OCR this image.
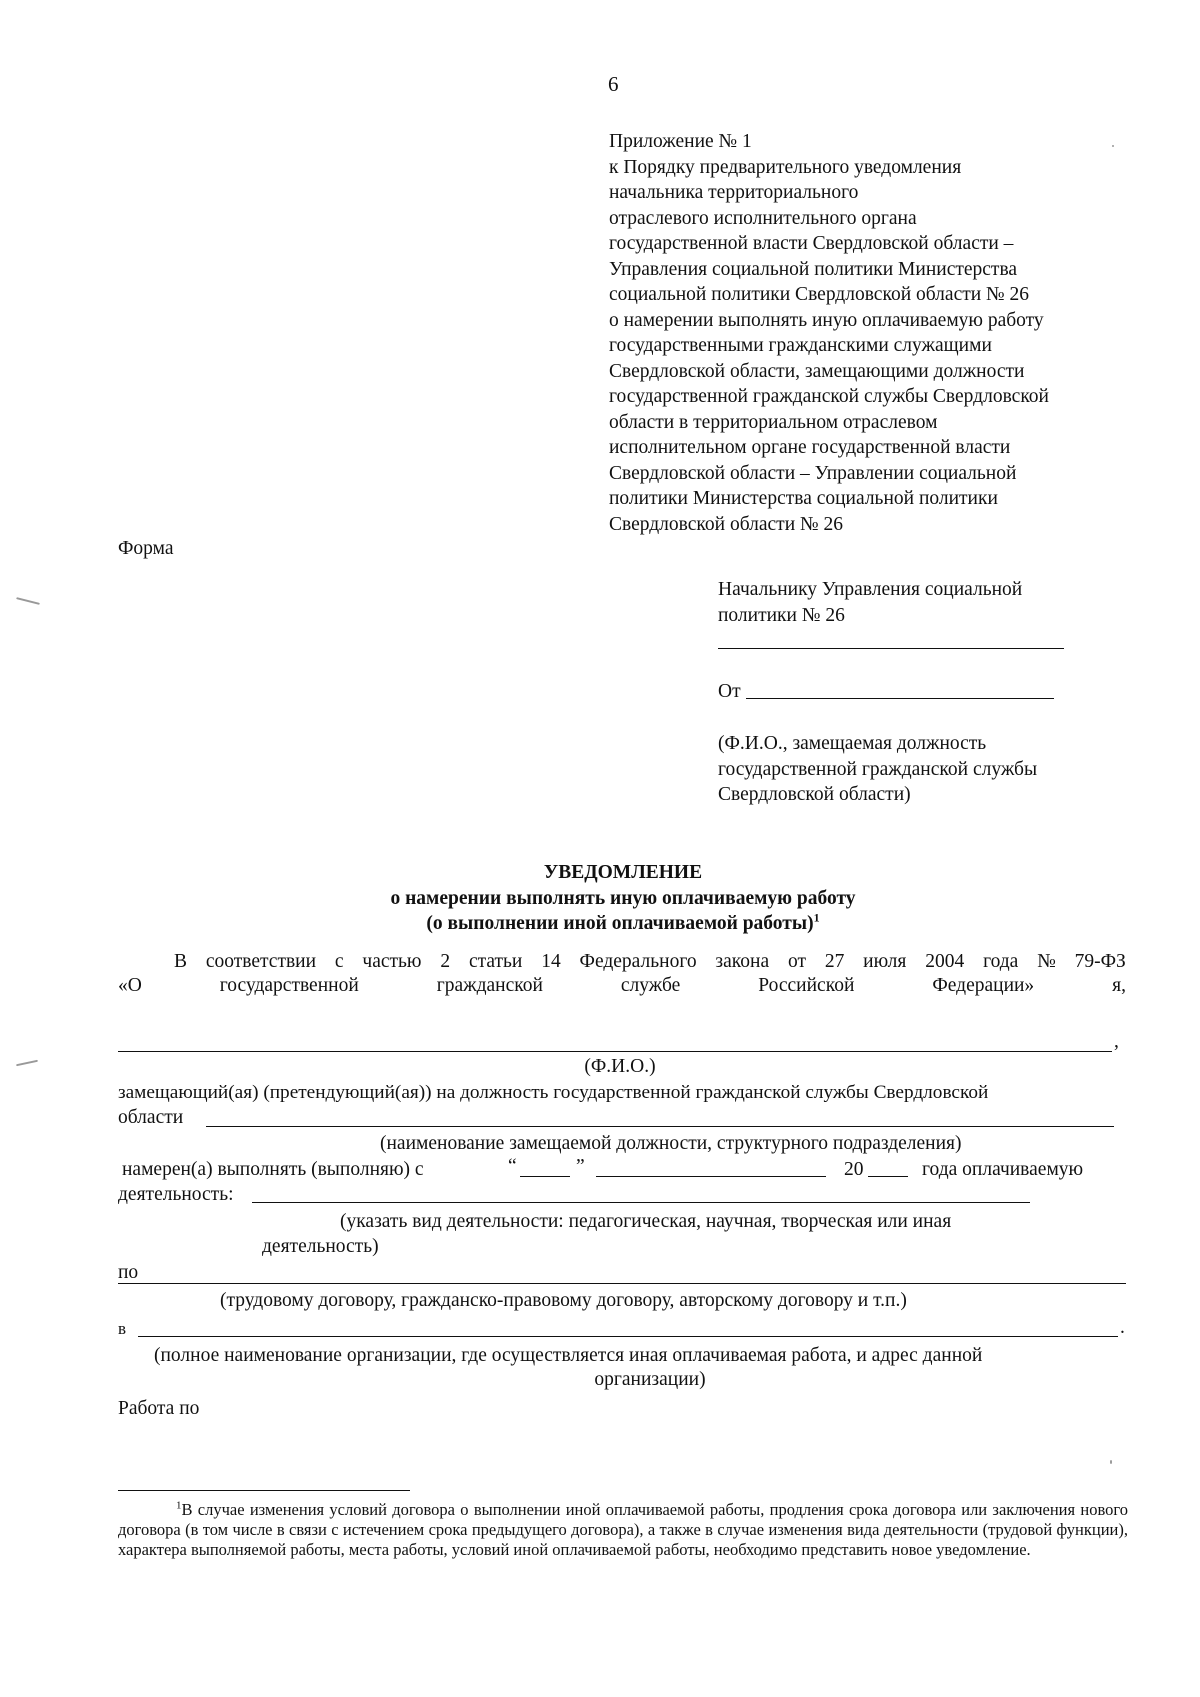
6
Приложение № 1
к Порядку предварительного уведомления
начальника территориального
отраслевого исполнительного органа
государственной власти Свердловской области –
Управления социальной политики Министерства
социальной политики Свердловской области № 26
о намерении выполнять иную оплачиваемую работу
государственными гражданскими служащими
Свердловской области, замещающими должности
государственной гражданской службы Свердловской
области в территориальном отраслевом
исполнительном органе государственной власти
Свердловской области – Управлении социальной
политики Министерства социальной политики
Свердловской области № 26
Форма
Начальнику Управления социальной
политики № 26
От
(Ф.И.О., замещаемая должность
государственной гражданской службы
Свердловской области)
УВЕДОМЛЕНИЕ
о намерении выполнять иную оплачиваемую работу
(о выполнении иной оплачиваемой работы)$^1$
В соответствии с частью 2 статьи 14 Федерального закона от 27 июля 2004 года № 79-ФЗ
«О	государственной	гражданской	службе	Российской	Федерации»	я,
,
(Ф.И.О.)
замещающий(ая) (претендующий(ая)) на должность государственной гражданской службы Свердловской
области
(наименование замещаемой должности, структурного подразделения)
намерен(а) выполнять (выполняю) с	“	”	20	года оплачиваемую
деятельность:
(указать вид деятельности: педагогическая, научная, творческая или иная
деятельность)
по
(трудовому договору, гражданско-правовому договору, авторскому договору и т.п.)
в	.
(полное наименование организации, где осуществляется иная оплачиваемая работа, и адрес данной
организации)
Работа по
$^1$В случае изменения условий договора о выполнении иной оплачиваемой работы, продления срока договора или заключения нового договора (в том числе в связи с истечением срока предыдущего договора), а также в случае изменения вида деятельности (трудовой функции), характера выполняемой работы, места работы, условий иной оплачиваемой работы, необходимо представить новое уведомление.
